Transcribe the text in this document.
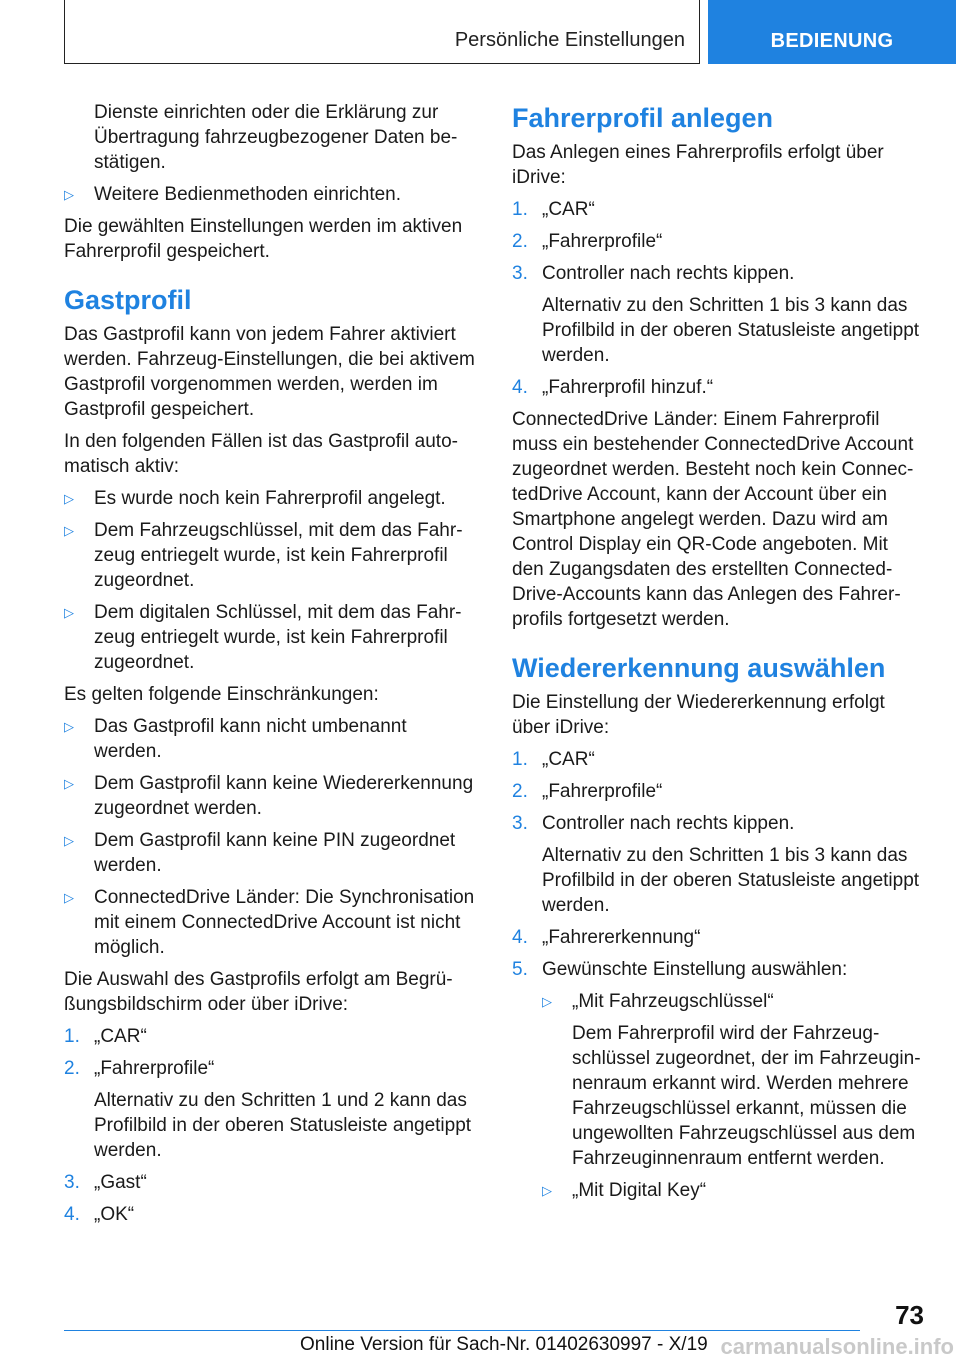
Persönliche Einstellungen	BEDIENUNG

Dienste einrichten oder die Erklärung zur Übertragung fahrzeugbezogener Daten bestätigen.

▷	Weitere Bedienmethoden einrichten.

Die gewählten Einstellungen werden im aktiven Fahrerprofil gespeichert.

Gastprofil

Das Gastprofil kann von jedem Fahrer aktiviert werden. Fahrzeug-Einstellungen, die bei aktivem Gastprofil vorgenommen werden, werden im Gastprofil gespeichert.

In den folgenden Fällen ist das Gastprofil automatisch aktiv:

▷	Es wurde noch kein Fahrerprofil angelegt.
▷	Dem Fahrzeugschlüssel, mit dem das Fahrzeug entriegelt wurde, ist kein Fahrerprofil zugeordnet.
▷	Dem digitalen Schlüssel, mit dem das Fahrzeug entriegelt wurde, ist kein Fahrerprofil zugeordnet.

Es gelten folgende Einschränkungen:

▷	Das Gastprofil kann nicht umbenannt werden.
▷	Dem Gastprofil kann keine Wiedererkennung zugeordnet werden.
▷	Dem Gastprofil kann keine PIN zugeordnet werden.
▷	ConnectedDrive Länder: Die Synchronisation mit einem ConnectedDrive Account ist nicht möglich.

Die Auswahl des Gastprofils erfolgt am Begrüßungsbildschirm oder über iDrive:

1. „CAR“
2. „Fahrerprofile“

Alternativ zu den Schritten 1 und 2 kann das Profilbild in der oberen Statusleiste angetippt werden.

3. „Gast“
4. „OK“
Fahrerprofil anlegen

Das Anlegen eines Fahrerprofils erfolgt über iDrive:

1. „CAR“
2. „Fahrerprofile“
3. Controller nach rechts kippen.

Alternativ zu den Schritten 1 bis 3 kann das Profilbild in der oberen Statusleiste angetippt werden.

4. „Fahrerprofil hinzuf.“

ConnectedDrive Länder: Einem Fahrerprofil muss ein bestehender ConnectedDrive Account zugeordnet werden. Besteht noch kein ConnectedDrive Account, kann der Account über ein Smartphone angelegt werden. Dazu wird am Control Display ein QR-Code angeboten. Mit den Zugangsdaten des erstellten ConnectedDrive-Accounts kann das Anlegen des Fahrerprofils fortgesetzt werden.

Wiedererkennung auswählen

Die Einstellung der Wiedererkennung erfolgt über iDrive:

1. „CAR“
2. „Fahrerprofile“
3. Controller nach rechts kippen.

Alternativ zu den Schritten 1 bis 3 kann das Profilbild in der oberen Statusleiste angetippt werden.

4. „Fahrererkennung“
5. Gewünschte Einstellung auswählen:
▷	„Mit Fahrzeugschlüssel“

Dem Fahrerprofil wird der Fahrzeugschlüssel zugeordnet, der im Fahrzeuginnenraum erkannt wird. Werden mehrere Fahrzeugschlüssel erkannt, müssen die ungewollten Fahrzeugschlüssel aus dem Fahrzeuginnenraum entfernt werden.

▷	„Mit Digital Key“
73
Online Version für Sach-Nr. 01402630997 - X/19 carmanualsonline.info
